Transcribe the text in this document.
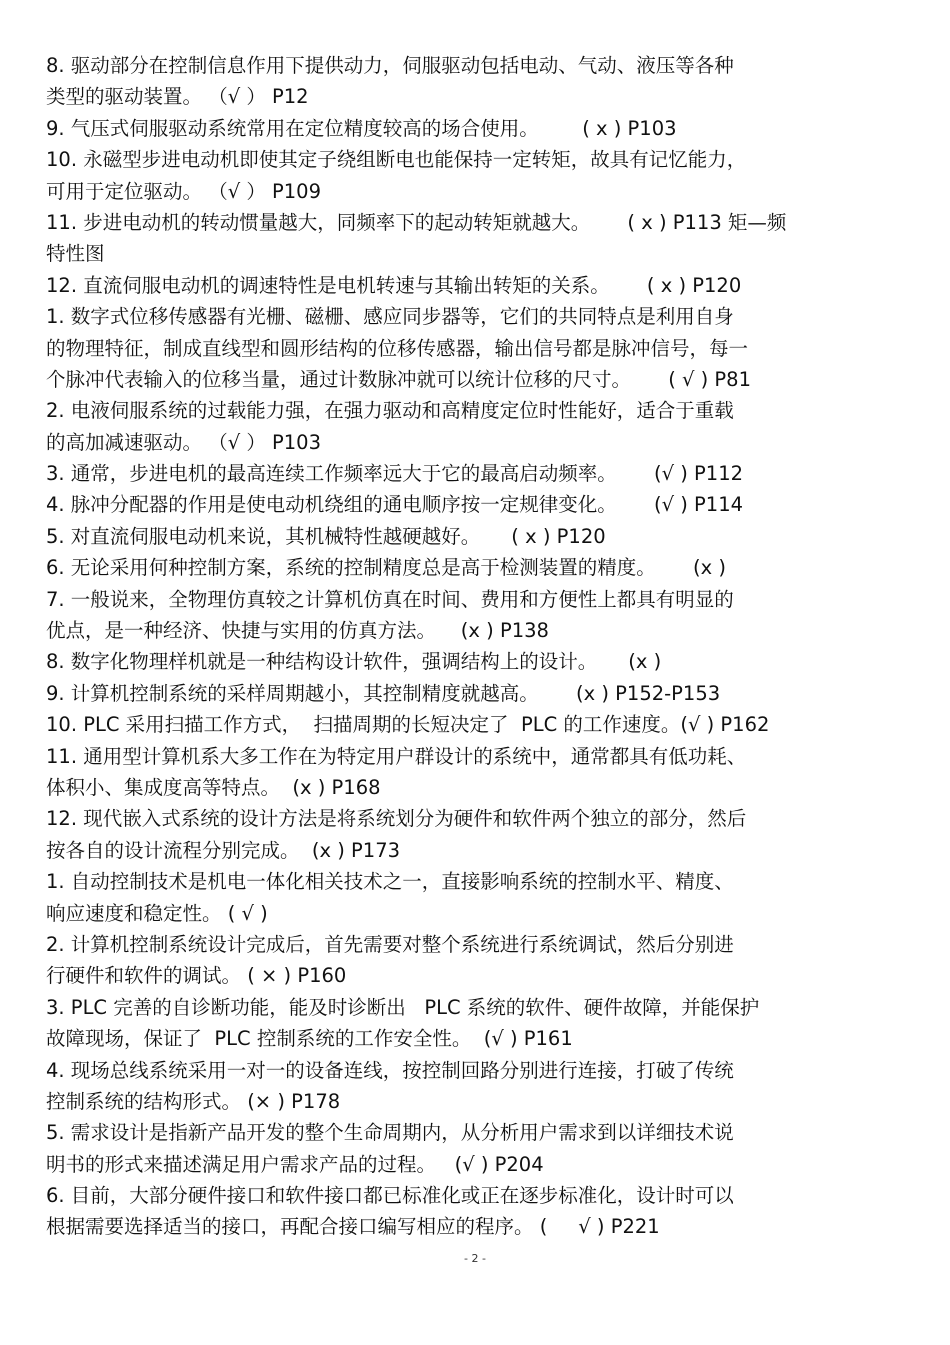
8. 驱动部分在控制信息作用下提供动力，伺服驱动包括电动、气动、液压等各种
类型的驱动装置。 （√ ） P12
9. 气压式伺服驱动系统常用在定位精度较高的场合使用。       ( x ) P103
10. 永磁型步进电动机即使其定子绕组断电也能保持一定转矩，故具有记忆能力，
可用于定位驱动。 （√ ） P109
11. 步进电动机的转动惯量越大，同频率下的起动转矩就越大。      ( x ) P113 矩—频
特性图
12. 直流伺服电动机的调速特性是电机转速与其输出转矩的关系。      ( x ) P120
1. 数字式位移传感器有光栅、磁栅、感应同步器等，它们的共同特点是利用自身
的物理特征，制成直线型和圆形结构的位移传感器，输出信号都是脉冲信号，每一
个脉冲代表输入的位移当量，通过计数脉冲就可以统计位移的尺寸。      ( √ ) P81
2. 电液伺服系统的过载能力强，在强力驱动和高精度定位时性能好，适合于重载
的高加减速驱动。 （√ ） P103
3. 通常，步进电机的最高连续工作频率远大于它的最高启动频率。      (√ ) P112
4. 脉冲分配器的作用是使电动机绕组的通电顺序按一定规律变化。      (√ ) P114
5. 对直流伺服电动机来说，其机械特性越硬越好。     ( x ) P120
6. 无论采用何种控制方案，系统的控制精度总是高于检测装置的精度。      (x )
7. 一般说来，全物理仿真较之计算机仿真在时间、费用和方便性上都具有明显的
优点，是一种经济、快捷与实用的仿真方法。    (x ) P138
8. 数字化物理样机就是一种结构设计软件，强调结构上的设计。     (x )
9. 计算机控制系统的采样周期越小，其控制精度就越高。      (x ) P152-P153
10. PLC 采用扫描工作方式，  扫描周期的长短决定了  PLC 的工作速度。(√ ) P162
11. 通用型计算机系大多工作在为特定用户群设计的系统中，通常都具有低功耗、
体积小、集成度高等特点。  (x ) P168
12. 现代嵌入式系统的设计方法是将系统划分为硬件和软件两个独立的部分，然后
按各自的设计流程分别完成。  (x ) P173
1. 自动控制技术是机电一体化相关技术之一，直接影响系统的控制水平、精度、
响应速度和稳定性。 ( √ )
2. 计算机控制系统设计完成后，首先需要对整个系统进行系统调试，然后分别进
行硬件和软件的调试。 ( × ) P160
3. PLC 完善的自诊断功能，能及时诊断出   PLC 系统的软件、硬件故障，并能保护
故障现场，保证了  PLC 控制系统的工作安全性。  (√ ) P161
4. 现场总线系统采用一对一的设备连线，按控制回路分别进行连接，打破了传统
控制系统的结构形式。 (× ) P178
5. 需求设计是指新产品开发的整个生命周期内，从分析用户需求到以详细技术说
明书的形式来描述满足用户需求产品的过程。   (√ ) P204
6. 目前，大部分硬件接口和软件接口都已标准化或正在逐步标准化，设计时可以
根据需要选择适当的接口，再配合接口编写相应的程序。 (     √ ) P221
- 2 -
